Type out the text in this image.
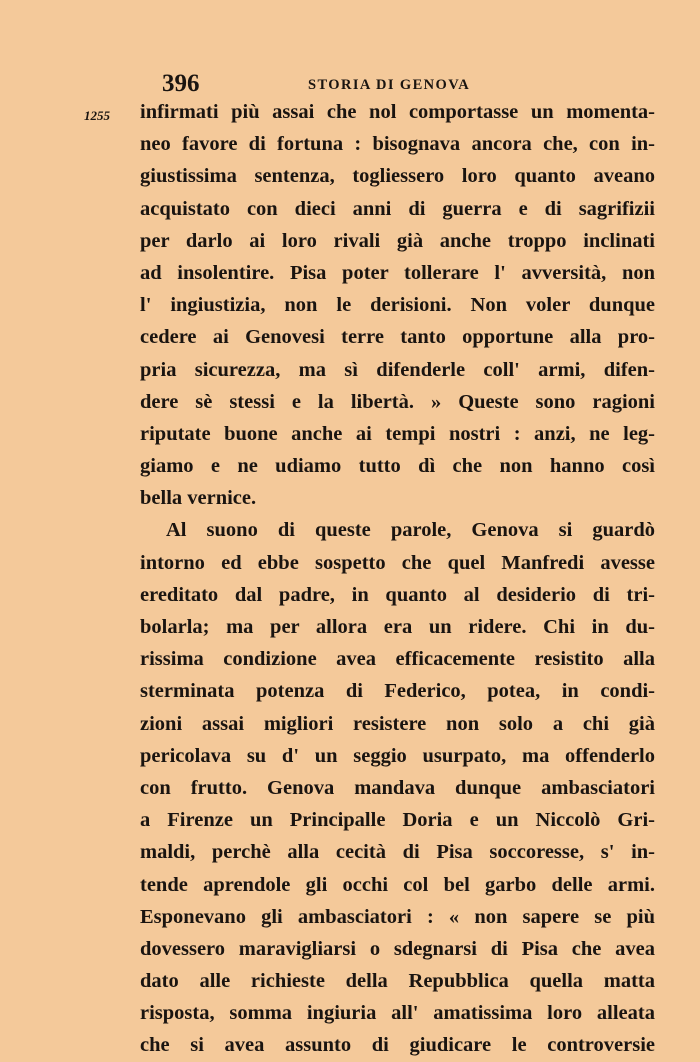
396	STORIA DI GENOVA
1255 infirmati più assai che nol comportasse un momenta-
neo favore di fortuna : bisognava ancora che, con in-
giustissima sentenza, togliessero loro quanto aveano
acquistato con dieci anni di guerra e di sagrifizii
per darlo ai loro rivali già anche troppo inclinati
ad insolentire. Pisa poter tollerare l' avversità, non
l' ingiustizia, non le derisioni. Non voler dunque
cedere ai Genovesi terre tanto opportune alla pro-
pria sicurezza, ma sì difenderle coll' armi, difen-
dere sè stessi e la libertà. » Queste sono ragioni
riputate buone anche ai tempi nostri : anzi, ne leg-
giamo e ne udiamo tutto dì che non hanno così
bella vernice.
Al suono di queste parole, Genova si guardò
intorno ed ebbe sospetto che quel Manfredi avesse
ereditato dal padre, in quanto al desiderio di tri-
bolarla; ma per allora era un ridere. Chi in du-
rissima condizione avea efficacemente resistito alla
sterminata potenza di Federico, potea, in condi-
zioni assai migliori resistere non solo a chi già
pericolava su d' un seggio usurpato, ma offenderlo
con frutto. Genova mandava dunque ambasciatori
a Firenze un Principalle Doria e un Niccolò Gri-
maldi, perchè alla cecità di Pisa soccoresse, s' in-
tende aprendole gli occhi col bel garbo delle armi.
Esponevano gli ambasciatori : « non sapere se più
dovessero maravigliarsi o sdegnarsi di Pisa che avea
dato alle richieste della Repubblica quella matta
risposta, somma ingiuria all' amatissima loro alleata
che si avea assunto di giudicare le controversie
